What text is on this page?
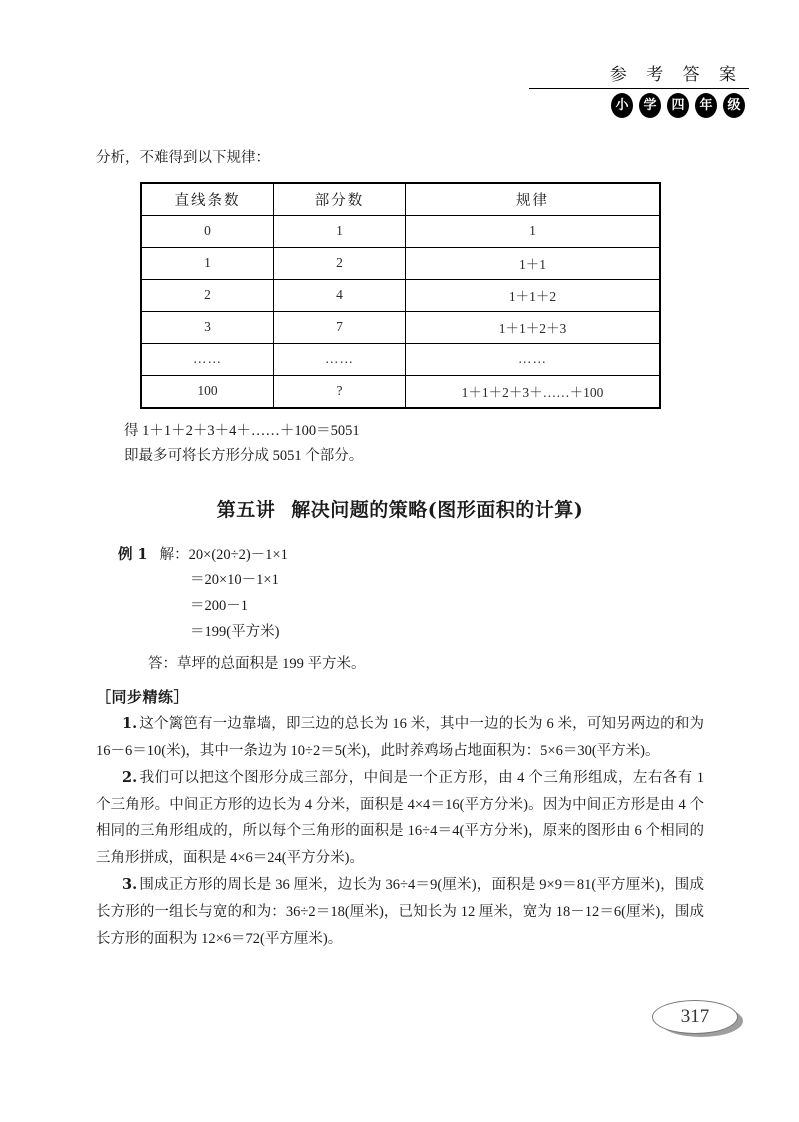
参 考 答 案
小	学	四	年	级

分析，不难得到以下规律：

直线条数	部分数	规律
0	1	1
1	2	1＋1
2	4	1＋1＋2
3	7	1＋1＋2＋3
……	……	……
100	?	1＋1＋2＋3＋……＋100

得 1＋1＋2＋3＋4＋……＋100＝5051

即最多可将长方形分成 5051 个部分。

第五讲 解决问题的策略(图形面积的计算)

例 1 解：20×(20÷2)－1×1

＝20×10－1×1

＝200－1

＝199(平方米)

答：草坪的总面积是 199 平方米。

［同步精练］

1. 这个篱笆有一边靠墙，即三边的总长为 16 米，其中一边的长为 6 米，可知另两边的和为 16－6＝10(米)，其中一条边为 10÷2＝5(米)，此时养鸡场占地面积为：5×6＝30(平方米)。

2. 我们可以把这个图形分成三部分，中间是一个正方形，由 4 个三角形组成，左右各有 1 个三角形。中间正方形的边长为 4 分米，面积是 4×4＝16(平方分米)。因为中间正方形是由 4 个相同的三角形组成的，所以每个三角形的面积是 16÷4＝4(平方分米)，原来的图形由 6 个相同的三角形拼成，面积是 4×6＝24(平方分米)。

3. 围成正方形的周长是 36 厘米，边长为 36÷4＝9(厘米)，面积是 9×9＝81(平方厘米)，围成长方形的一组长与宽的和为：36÷2＝18(厘米)，已知长为 12 厘米，宽为 18－12＝6(厘米)，围成长方形的面积为 12×6＝72(平方厘米)。

317
